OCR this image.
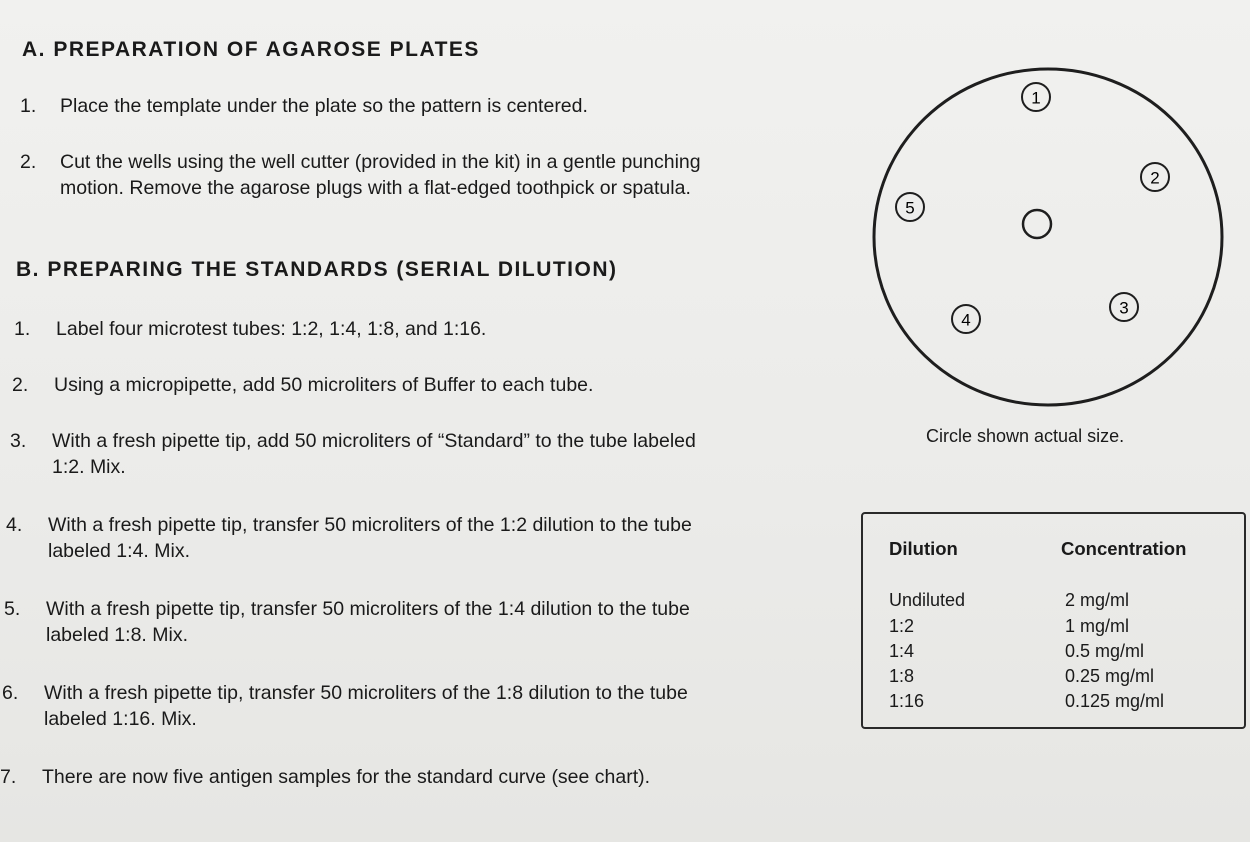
A. PREPARATION OF AGAROSE PLATES
1. Place the template under the plate so the pattern is centered.
2. Cut the wells using the well cutter (provided in the kit) in a gentle punching
motion. Remove the agarose plugs with a flat-edged toothpick or spatula.
B. PREPARING THE STANDARDS (SERIAL DILUTION)
1. Label four microtest tubes: 1:2, 1:4, 1:8, and 1:16.
2. Using a micropipette, add 50 microliters of Buffer to each tube.
3. With a fresh pipette tip, add 50 microliters of “Standard” to the tube labeled
1:2. Mix.
4. With a fresh pipette tip, transfer 50 microliters of the 1:2 dilution to the tube
labeled 1:4. Mix.
5. With a fresh pipette tip, transfer 50 microliters of the 1:4 dilution to the tube
labeled 1:8. Mix.
6. With a fresh pipette tip, transfer 50 microliters of the 1:8 dilution to the tube
labeled 1:16. Mix.
7. There are now five antigen samples for the standard curve (see chart).
1
2
3
4
5
Circle shown actual size.
Dilution	Concentration
Undiluted	2 mg/ml
1:2	1 mg/ml
1:4	0.5 mg/ml
1:8	0.25 mg/ml
1:16	0.125 mg/ml
